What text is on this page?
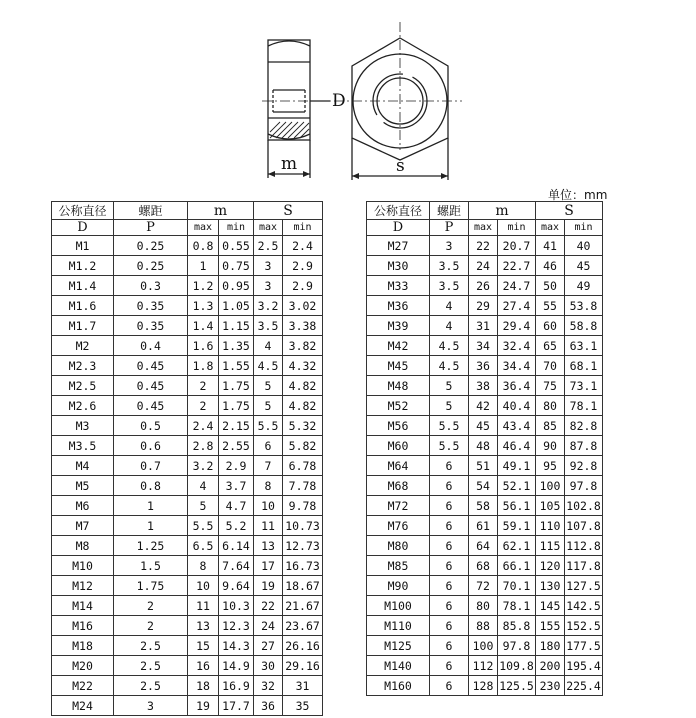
D
m	s
单位：mm
公称直径	螺距	m		S	
D	P	max	min	max	min
M1	0.25	0.8	0.55	2.5	2.4
M1.2	0.25	1	0.75	3	2.9
M1.4	0.3	1.2	0.95	3	2.9
M1.6	0.35	1.3	1.05	3.2	3.02
M1.7	0.35	1.4	1.15	3.5	3.38
M2	0.4	1.6	1.35	4	3.82
M2.3	0.45	1.8	1.55	4.5	4.32
M2.5	0.45	2	1.75	5	4.82
M2.6	0.45	2	1.75	5	4.82
M3	0.5	2.4	2.15	5.5	5.32
M3.5	0.6	2.8	2.55	6	5.82
M4	0.7	3.2	2.9	7	6.78
M5	0.8	4	3.7	8	7.78
M6	1	5	4.7	10	9.78
M7	1	5.5	5.2	11	10.73
M8	1.25	6.5	6.14	13	12.73
M10	1.5	8	7.64	17	16.73
M12	1.75	10	9.64	19	18.67
M14	2	11	10.3	22	21.67
M16	2	13	12.3	24	23.67
M18	2.5	15	14.3	27	26.16
M20	2.5	16	14.9	30	29.16
M22	2.5	18	16.9	32	31
M24	3	19	17.7	36	35
公称直径	螺距	m		S	
D	P	max	min	max	min
M27	3	22	20.7	41	40
M30	3.5	24	22.7	46	45
M33	3.5	26	24.7	50	49
M36	4	29	27.4	55	53.8
M39	4	31	29.4	60	58.8
M42	4.5	34	32.4	65	63.1
M45	4.5	36	34.4	70	68.1
M48	5	38	36.4	75	73.1
M52	5	42	40.4	80	78.1
M56	5.5	45	43.4	85	82.8
M60	5.5	48	46.4	90	87.8
M64	6	51	49.1	95	92.8
M68	6	54	52.1	100	97.8
M72	6	58	56.1	105	102.8
M76	6	61	59.1	110	107.8
M80	6	64	62.1	115	112.8
M85	6	68	66.1	120	117.8
M90	6	72	70.1	130	127.5
M100	6	80	78.1	145	142.5
M110	6	88	85.8	155	152.5
M125	6	100	97.8	180	177.5
M140	6	112	109.8	200	195.4
M160	6	128	125.5	230	225.4
